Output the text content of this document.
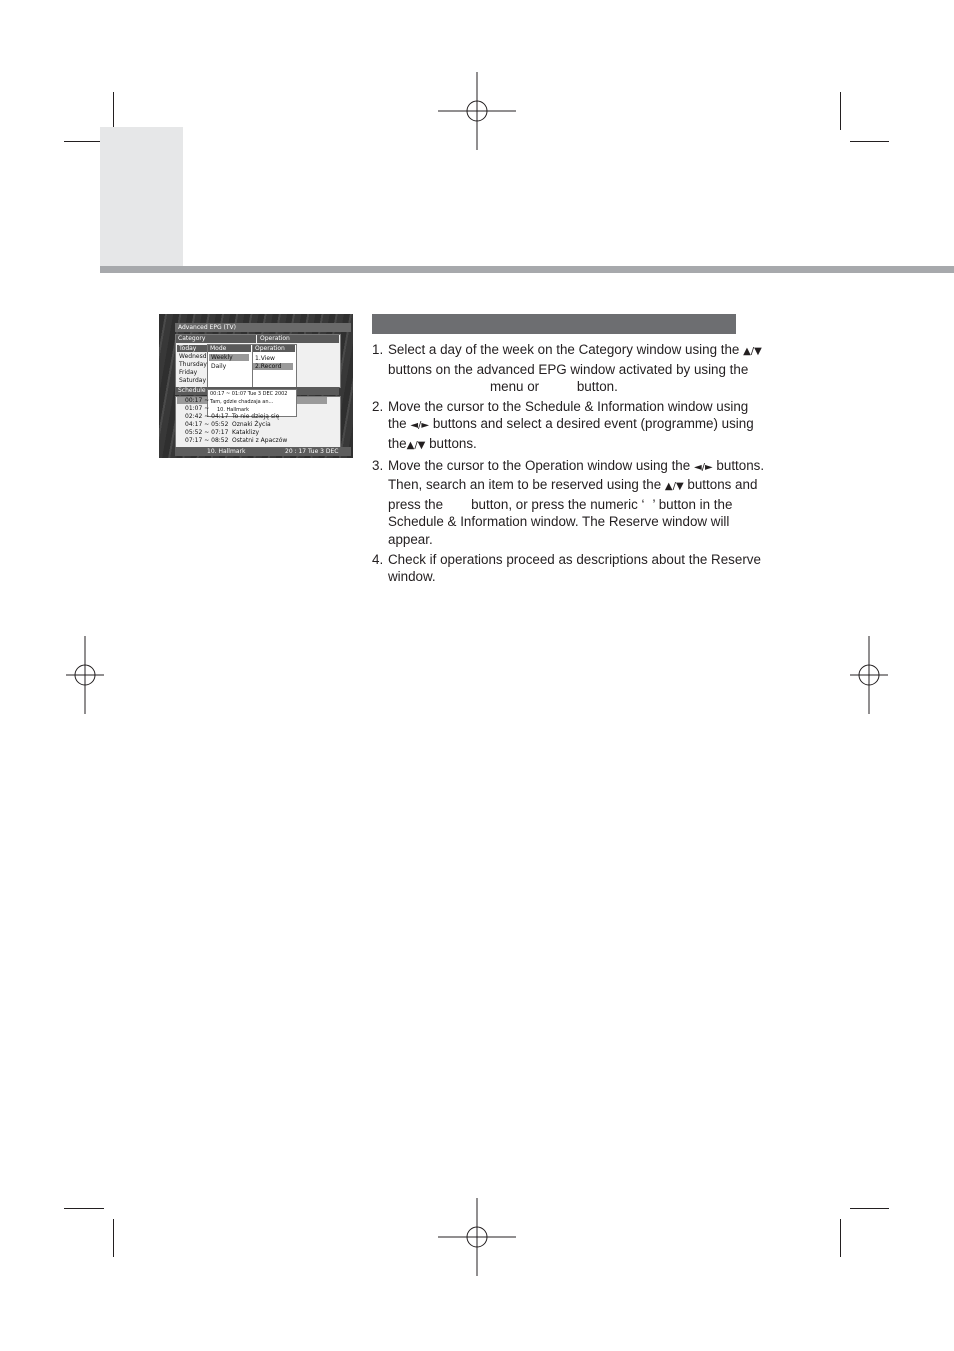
Advanced EPG (TV)
Category	Operation
Today
Wednesd
Thursday
Friday
Saturday
Mode
Weekly
Daily
Operation
1.View
2.Record
Schedule 00:17 ~ 01:07 Tue 3 DEC 2002
Tam, gdzie chadzaja an...
10. Hallmark
00:17 ~
01:07 ~
02:42 ~ 04:17 To nie dzieją się
04:17 ~ 05:52 Oznaki Życia
05:52 ~ 07:17 Kataklizy
07:17 ~ 08:52 Ostatni z Apaczów
10. Hallmark	20 : 17 Tue 3 DEC
1. Select a day of the week on the Category window using the ▲/▼
buttons on the advanced EPG window activated by using the
menu or	button.
2. Move the cursor to the Schedule & Information window using
the ◄/► buttons and select a desired event (programme) using
the▲/▼ buttons.
3. Move the cursor to the Operation window using the ◄/► buttons.
Then, search an item to be reserved using the ▲/▼ buttons and
press the button, or press the numeric ‘ ’ button in the
Schedule & Information window. The Reserve window will
appear.
4. Check if operations proceed as descriptions about the Reserve
window.
